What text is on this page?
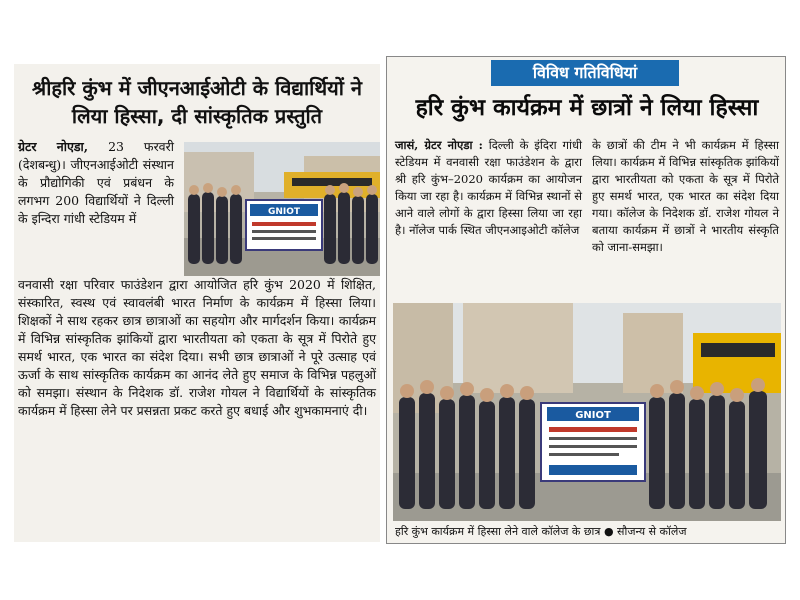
श्रीहरि कुंभ में जीएनआईओटी के विद्यार्थियों ने लिया हिस्सा, दी सांस्कृतिक प्रस्तुति
ग्रेटर नोएडा, 23 फरवरी (देशबन्धु)। जीएनआईओटी संस्थान के प्रौद्योगिकी एवं प्रबंधन के लगभग 200 विद्यार्थियों ने दिल्ली के इन्दिरा गांधी स्टेडियम में	GNIOT
वनवासी रक्षा परिवार फाउंडेशन द्वारा आयोजित हरि कुंभ 2020 में शिक्षित, संस्कारित, स्वस्थ एवं स्वावलंबी भारत निर्माण के कार्यक्रम में हिस्सा लिया। शिक्षकों ने साथ रहकर छात्र छात्राओं का सहयोग और मार्गदर्शन किया। कार्यक्रम में विभिन्न सांस्कृतिक झांकियों द्वारा भारतीयता को एकता के सूत्र में पिरोते हुए समर्थ भारत, एक भारत का संदेश दिया। सभी छात्र छात्राओं ने पूरे उत्साह एवं ऊर्जा के साथ सांस्कृतिक कार्यक्रम का आनंद लेते हुए समाज के विभिन्न पहलुओं को समझा। संस्थान के निदेशक डॉ. राजेश गोयल ने विद्यार्थियों के सांस्कृतिक कार्यक्रम में हिस्सा लेने पर प्रसन्नता प्रकट करते हुए बधाई और शुभकामनाएं दी।
विविध गतिविधियां
हरि कुंभ कार्यक्रम में छात्रों ने लिया हिस्सा
जासं, ग्रेटर नोएडा : दिल्ली के इंदिरा गांधी स्टेडियम में वनवासी रक्षा फाउंडेशन के द्वारा श्री हरि कुंभ–2020 कार्यक्रम का आयोजन किया जा रहा है। कार्यक्रम में विभिन्न स्थानों से आने वाले लोगों के द्वारा हिस्सा लिया जा रहा है। नॉलेज पार्क स्थित जीएनआइओटी कॉलेज
के छात्रों की टीम ने भी कार्यक्रम में हिस्सा लिया। कार्यक्रम में विभिन्न सांस्कृतिक झांकियों द्वारा भारतीयता को एकता के सूत्र में पिरोते हुए समर्थ भारत, एक भारत का संदेश दिया गया। कॉलेज के निदेशक डॉ. राजेश गोयल ने बताया कार्यक्रम में छात्रों ने भारतीय संस्कृति को जाना-समझा।
GNIOT
हरि कुंभ कार्यक्रम में हिस्सा लेने वाले कॉलेज के छात्र ● सौजन्य से कॉलेज
